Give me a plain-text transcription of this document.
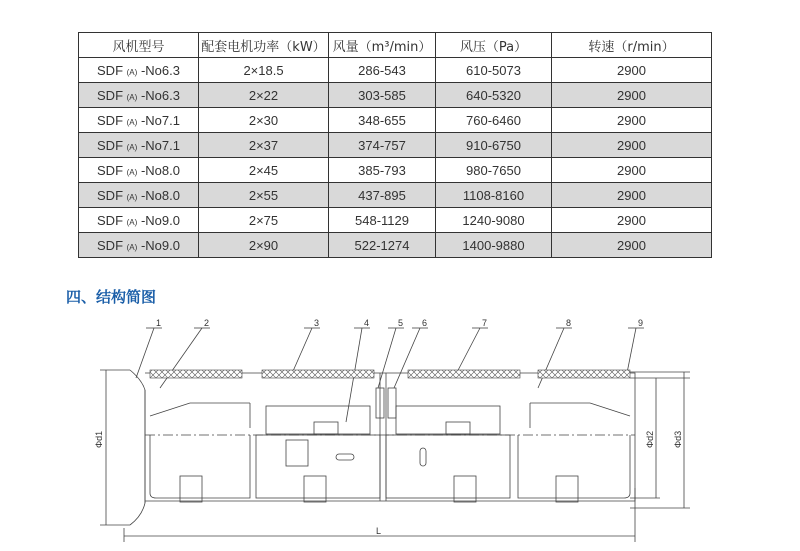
风机型号	配套电机功率（kW）	风量（m³/min）	风压（Pa）	转速（r/min）
SDF (A) -No6.3	2×18.5	286-543	610-5073	2900
SDF (A) -No6.3	2×22	303-585	640-5320	2900
SDF (A) -No7.1	2×30	348-655	760-6460	2900
SDF (A) -No7.1	2×37	374-757	910-6750	2900
SDF (A) -No8.0	2×45	385-793	980-7650	2900
SDF (A) -No8.0	2×55	437-895	1108-8160	2900
SDF (A) -No9.0	2×75	548-1129	1240-9080	2900
SDF (A) -No9.0	2×90	522-1274	1400-9880	2900
四、结构简图
1	2	3	4	5 6	7	8	9
Φd1	Φd2 Φd3
L
